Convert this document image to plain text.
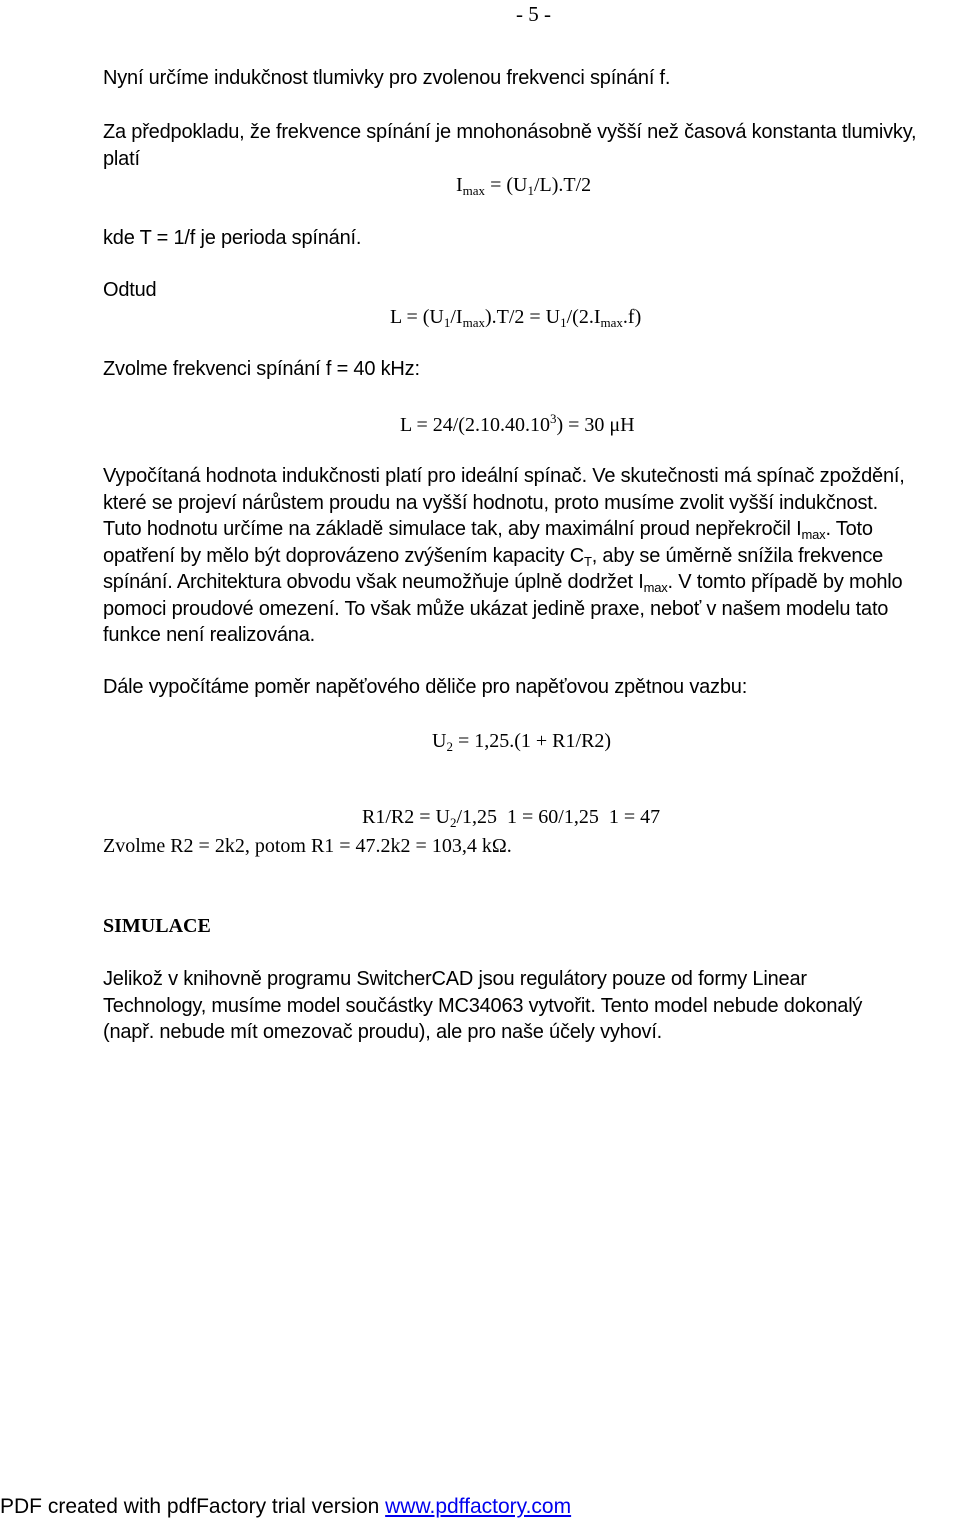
- 5 -
Nyní určíme indukčnost tlumivky pro zvolenou frekvenci spínání f.
Za předpokladu, že frekvence spínání je mnohonásobně vyšší než časová konstanta tlumivky,
platí
$I_{max} = (U_1/L).T/2$
kde T = 1/f je perioda spínání.
Odtud
$L = (U_1/I_{max}).T/2 = U_1/(2.I_{max}.f)$
Zvolme frekvenci spínání f = 40 kHz:
$L = 24/(2.10.40.10^3) = 30$ μH
Vypočítaná hodnota indukčnosti platí pro ideální spínač. Ve skutečnosti má spínač zpoždění,
které se projeví nárůstem proudu na vyšší hodnotu, proto musíme zvolit vyšší indukčnost.
Tuto hodnotu určíme na základě simulace tak, aby maximální proud nepřekročil $I_{max}$. Toto
opatření by mělo být doprovázeno zvýšením kapacity $C_T$, aby se úměrně snížila frekvence
spínání. Architektura obvodu však neumožňuje úplně dodržet $I_{max}$. V tomto případě by mohlo
pomoci proudové omezení. To však může ukázat jedině praxe, neboť v našem modelu tato
funkce není realizována.
Dále vypočítáme poměr napěťového děliče pro napěťovou zpětnou vazbu:
$U_2 = 1,25.(1 + R1/R2)$

$R1/R2 = U_2/1,25$  1 = 60/1,25  1 = 47

Zvolme R2 = 2k2, potom R1 = 47.2k2 = 103,4 kΩ.
SIMULACE
Jelikož v knihovně programu SwitcherCAD jsou regulátory pouze od formy Linear
Technology, musíme model součástky MC34063 vytvořit. Tento model nebude dokonalý
(např. nebude mít omezovač proudu), ale pro naše účely vyhoví.
PDF created with pdfFactory trial version www.pdffactory.com
